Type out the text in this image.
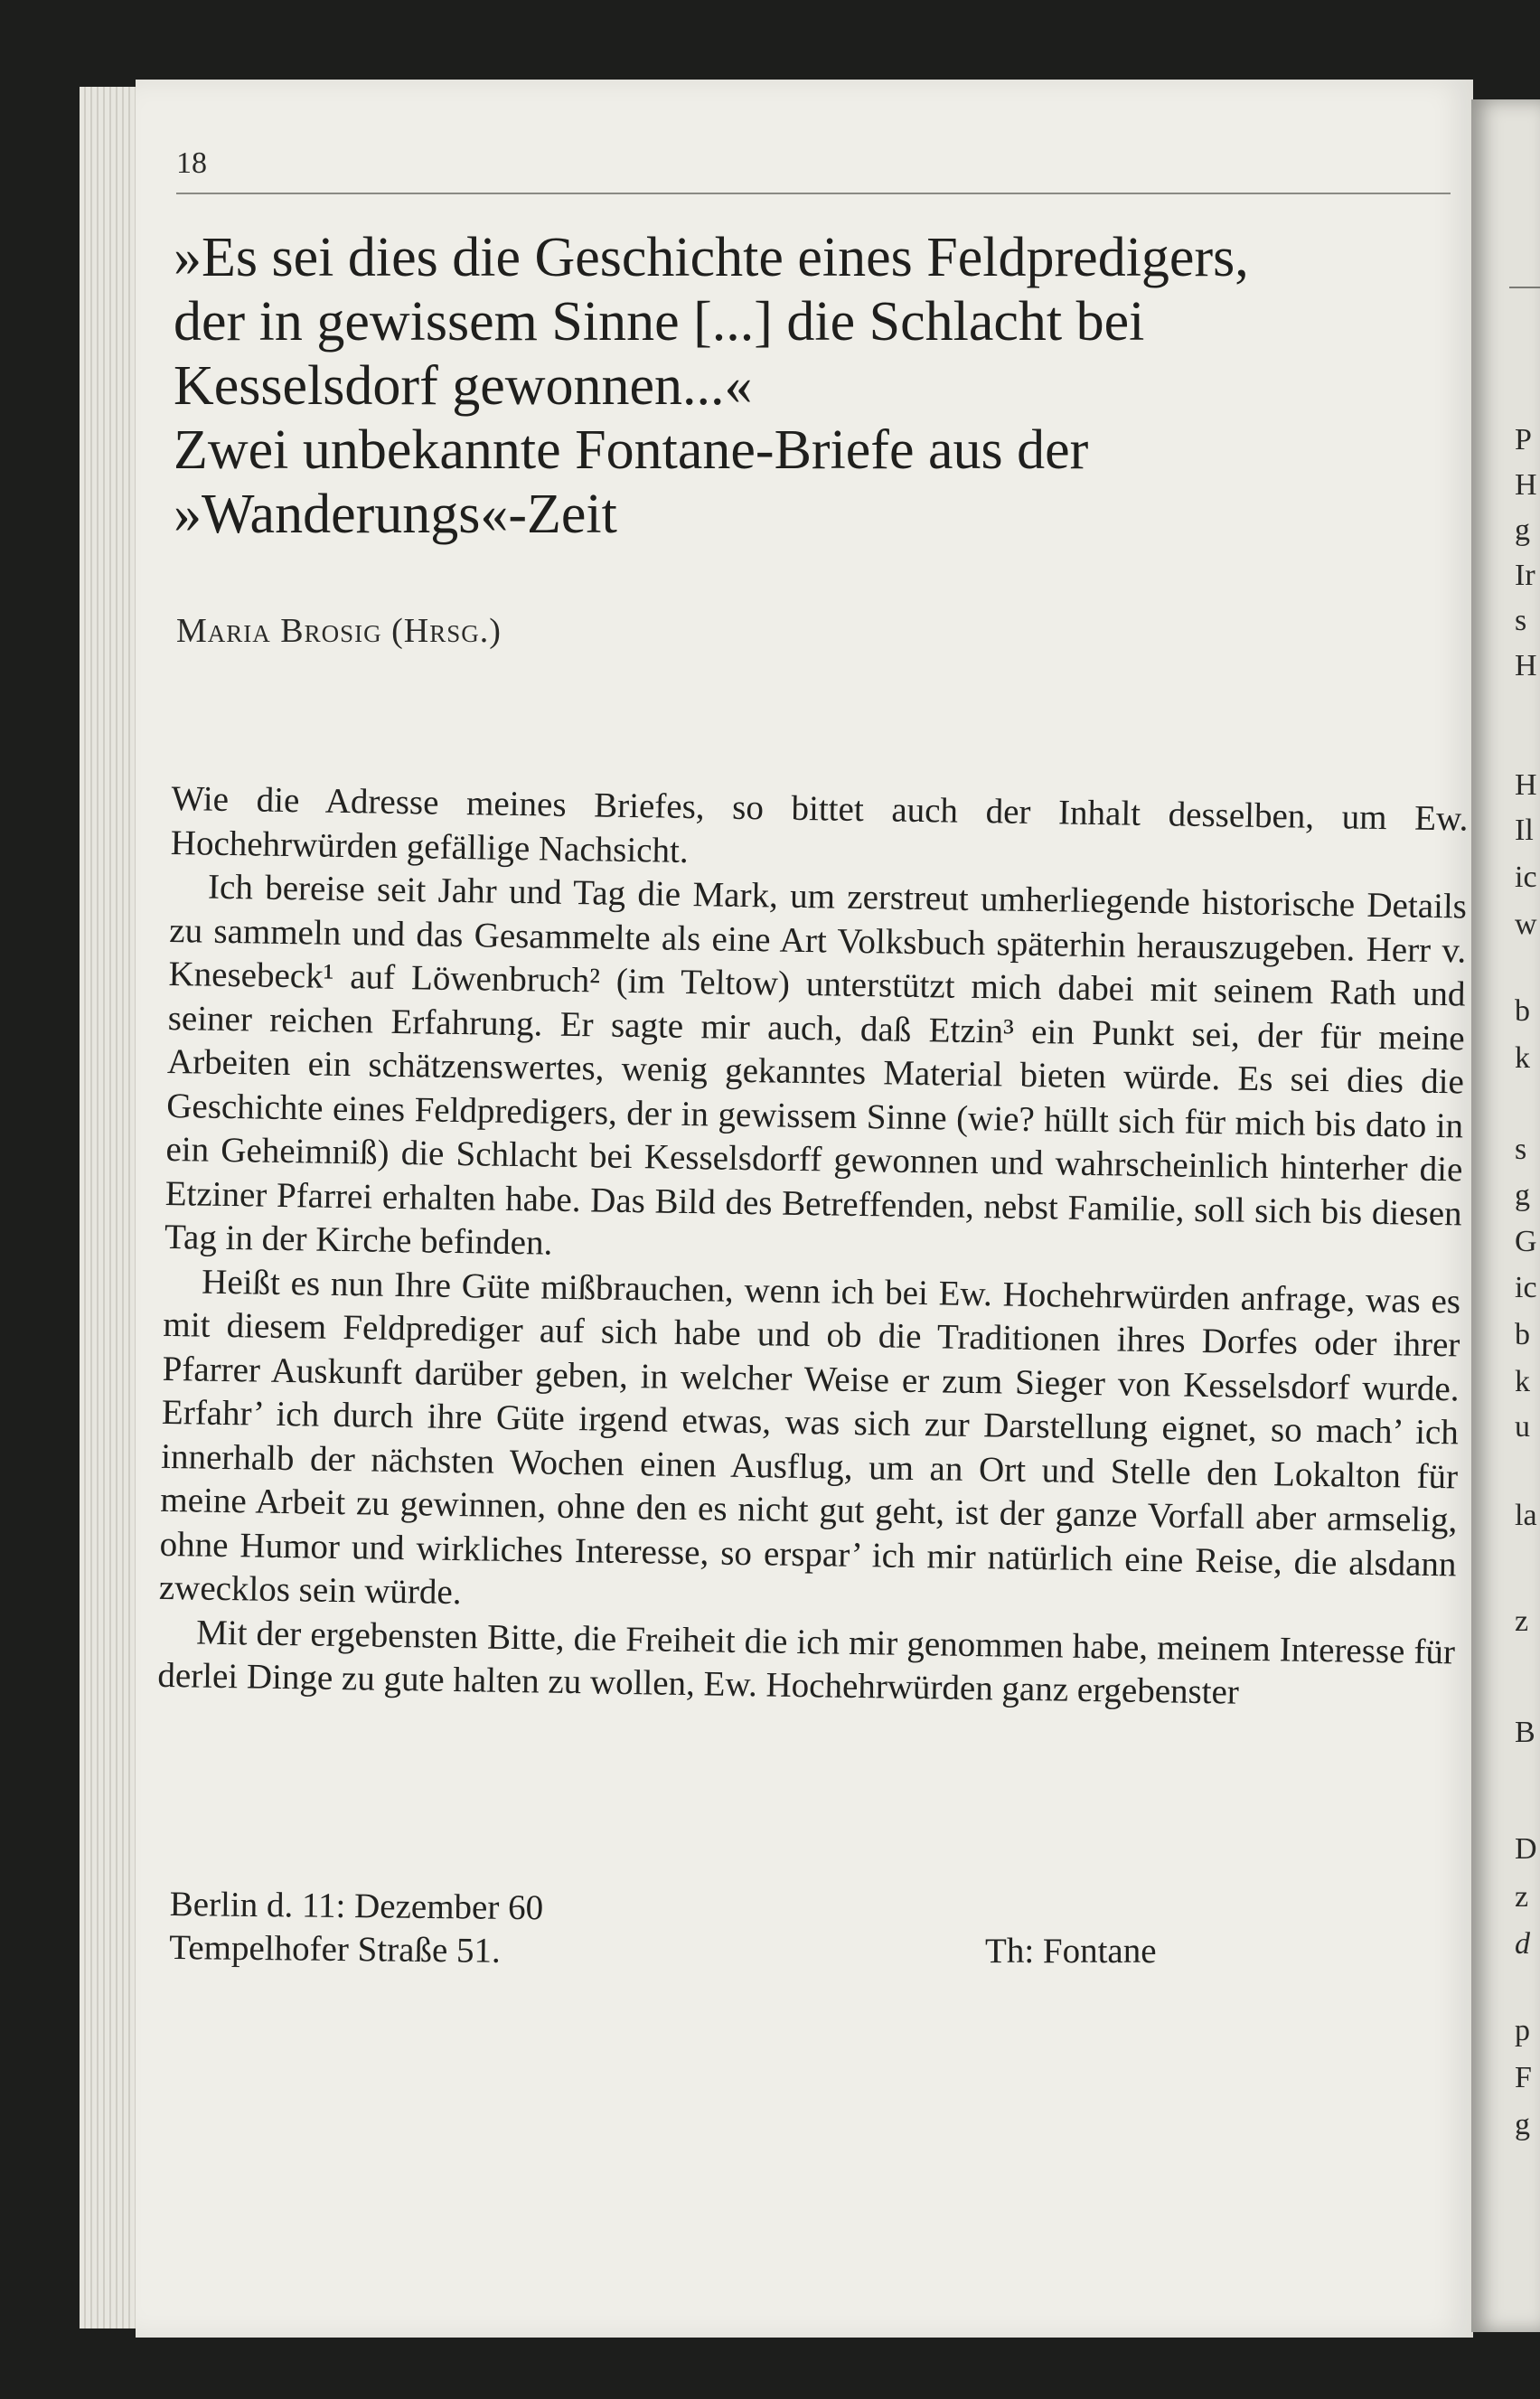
P
H
g
Ir
s
H
H
Il
ic
w
b
k
s
g
G
ic
b
k
u
la
z
B
D
z
d
p
F
g
18
»Es sei dies die Geschichte eines Feldpredigers,
der in gewissem Sinne [...] die Schlacht bei
Kesselsdorf gewonnen...«
Zwei unbekannte Fontane-Briefe aus der
»Wanderungs«-Zeit
Maria Brosig (Hrsg.)

Wie die Adresse meines Briefes, so bittet auch der Inhalt desselben, um Ew. Hochehrwürden gefällige Nachsicht.

Ich bereise seit Jahr und Tag die Mark, um zerstreut umherliegende historische Details zu sammeln und das Gesammelte als eine Art Volksbuch späterhin herauszugeben. Herr v. Knesebeck¹ auf Löwenbruch² (im Teltow) unterstützt mich dabei mit seinem Rath und seiner reichen Erfahrung. Er sagte mir auch, daß Etzin³ ein Punkt sei, der für meine Arbeiten ein schätzenswertes, wenig gekanntes Material bieten würde. Es sei dies die Geschichte eines Feldpredigers, der in gewissem Sinne (wie? hüllt sich für mich bis dato in ein Geheimniß) die Schlacht bei Kesselsdorff gewonnen und wahrscheinlich hinterher die Etziner Pfarrei erhalten habe. Das Bild des Betreffenden, nebst Familie, soll sich bis diesen Tag in der Kirche befinden.

Heißt es nun Ihre Güte mißbrauchen, wenn ich bei Ew. Hochehrwürden anfrage, was es mit diesem Feldprediger auf sich habe und ob die Traditionen ihres Dorfes oder ihrer Pfarrer Auskunft darüber geben, in welcher Weise er zum Sieger von Kesselsdorf wurde. Erfahr’ ich durch ihre Güte irgend etwas, was sich zur Darstellung eignet, so mach’ ich innerhalb der nächsten Wochen einen Ausflug, um an Ort und Stelle den Lokalton für meine Arbeit zu gewinnen, ohne den es nicht gut geht, ist der ganze Vorfall aber armselig, ohne Humor und wirkliches Interesse, so erspar’ ich mir natürlich eine Reise, die alsdann zwecklos sein würde.

Mit der ergebensten Bitte, die Freiheit die ich mir genommen habe, meinem Interesse für derlei Dinge zu gute halten zu wollen, Ew. Hochehrwürden ganz ergebenster

Berlin d. 11: Dezember 60
Tempelhofer Straße 51.	Th: Fontane
